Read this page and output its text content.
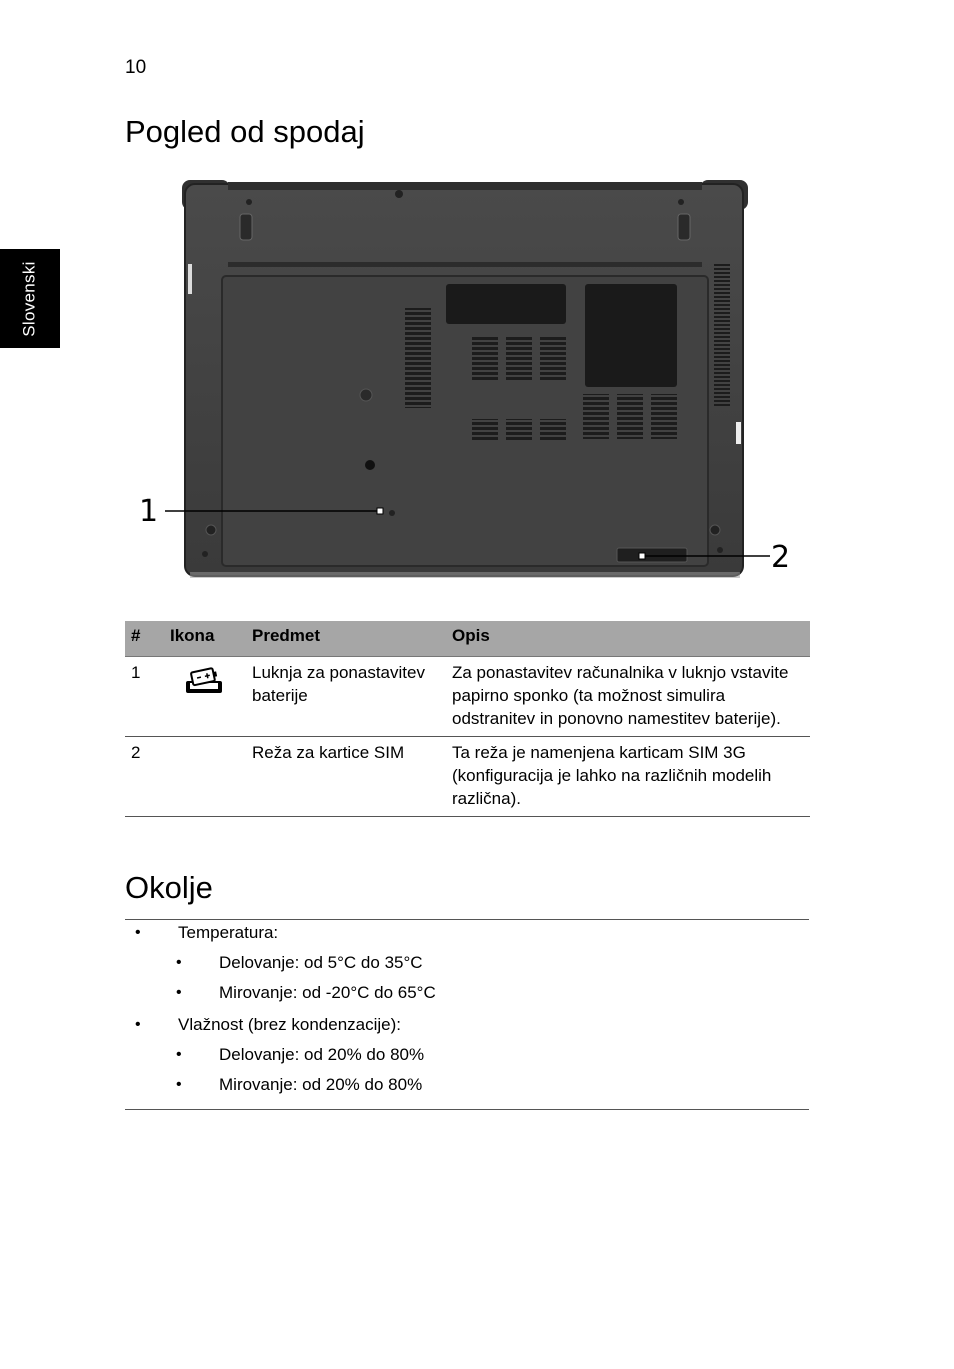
10
Slovenski
Pogled od spodaj
1
2
#	Ikona	Predmet	Opis
1		Luknja za ponastavitev baterije	Za ponastavitev računalnika v luknjo vstavite papirno sponko (ta možnost simulira odstranitev in ponovno namestitev baterije).
2		Reža za kartice SIM	Ta reža je namenjena karticam SIM 3G (konfiguracija je lahko na različnih modelih različna).
Okolje
• Temperatura:
• Delovanje: od 5°C do 35°C
• Mirovanje: od -20°C do 65°C
• Vlažnost (brez kondenzacije):
• Delovanje: od 20% do 80%
• Mirovanje: od 20% do 80%
